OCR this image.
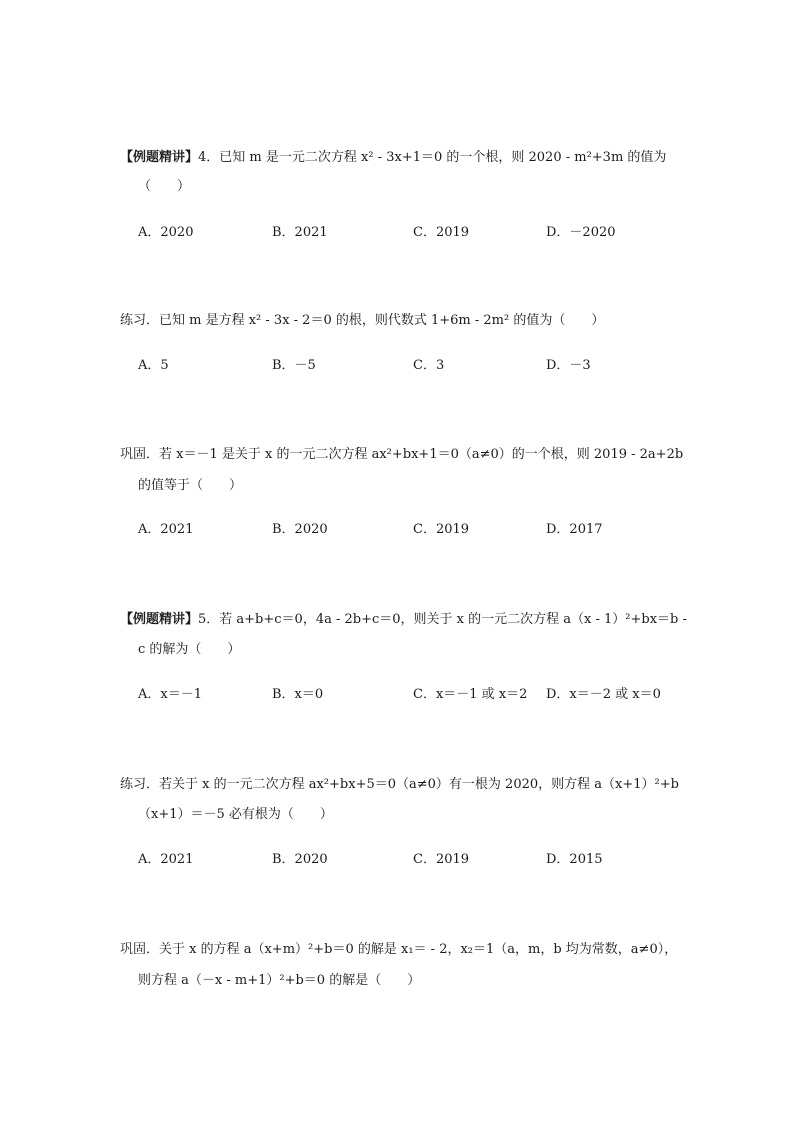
【例题精讲】4．已知 m 是一元二次方程 x² - 3x+1＝0 的一个根，则 2020 - m²+3m 的值为
（　　）
A．2020	B．2021	C．2019	D．－2020
练习．已知 m 是方程 x² - 3x - 2＝0 的根，则代数式 1+6m - 2m² 的值为（　　）
A．5	B．－5	C．3	D．－3
巩固．若 x＝－1 是关于 x 的一元二次方程 ax²+bx+1＝0（a≠0）的一个根，则 2019 - 2a+2b
的值等于（　　）
A．2021	B．2020	C．2019	D．2017
【例题精讲】5．若 a+b+c＝0，4a - 2b+c＝0，则关于 x 的一元二次方程 a（x - 1）²+bx＝b -
c 的解为（　　）
A．x＝－1	B．x＝0	C．x＝－1 或 x＝2 D．x＝－2 或 x＝0
练习．若关于 x 的一元二次方程 ax²+bx+5＝0（a≠0）有一根为 2020，则方程 a（x+1）²+b
（x+1）＝－5 必有根为（　　）
A．2021	B．2020	C．2019	D．2015
巩固．关于 x 的方程 a（x+m）²+b＝0 的解是 x₁＝ - 2，x₂＝1（a，m，b 均为常数，a≠0），
则方程 a（－x - m+1）²+b＝0 的解是（　　）
